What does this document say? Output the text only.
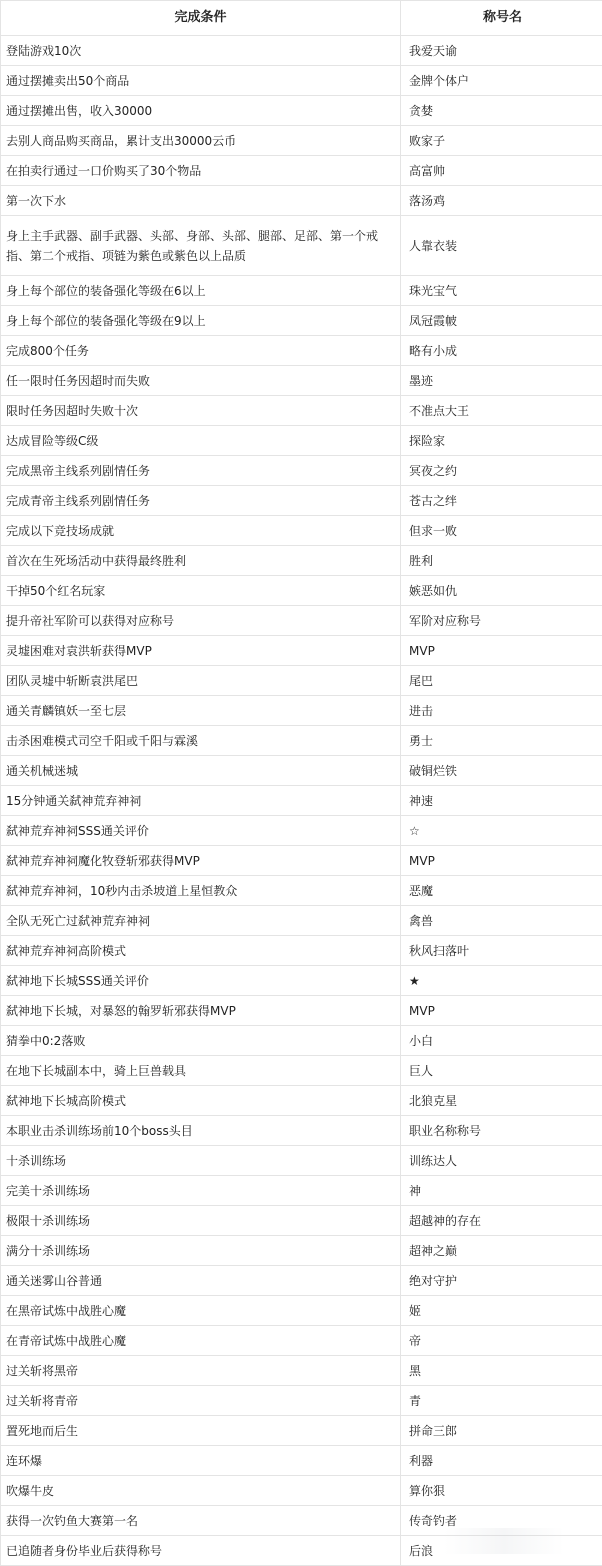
完成条件	称号名
登陆游戏10次	我爱天谕
通过摆摊卖出50个商品	金牌个体户
通过摆摊出售，收入30000	贪婪
去别人商品购买商品，累计支出30000云币	败家子
在拍卖行通过一口价购买了30个物品	高富帅
第一次下水	落汤鸡
身上主手武器、副手武器、头部、身部、头部、腿部、足部、第一个戒指、第二个戒指、项链为紫色或紫色以上品质	人靠衣装
身上每个部位的装备强化等级在6以上	珠光宝气
身上每个部位的装备强化等级在9以上	凤冠霞帔
完成800个任务	略有小成
任一限时任务因超时而失败	墨迹
限时任务因超时失败十次	不准点大王
达成冒险等级C级	探险家
完成黑帝主线系列剧情任务	冥夜之约
完成青帝主线系列剧情任务	苍古之绊
完成以下竞技场成就	但求一败
首次在生死场活动中获得最终胜利	胜利
干掉50个红名玩家	嫉恶如仇
提升帝社军阶可以获得对应称号	军阶对应称号
灵墟困难对袁洪斩获得MVP	MVP
团队灵墟中斩断袁洪尾巴	尾巴
通关青麟镇妖一至七层	进击
击杀困难模式司空千阳或千阳与霖溪	勇士
通关机械迷城	破铜烂铁
15分钟通关弑神荒弃神祠	神速
弑神荒弃神祠SSS通关评价	☆
弑神荒弃神祠魔化牧登斩邪获得MVP	MVP
弑神荒弃神祠，10秒内击杀坡道上星恒教众	恶魔
全队无死亡过弑神荒弃神祠	禽兽
弑神荒弃神祠高阶模式	秋风扫落叶
弑神地下长城SSS通关评价	★
弑神地下长城，对暴怒的翰罗斩邪获得MVP	MVP
猜拳中0:2落败	小白
在地下长城副本中，骑上巨兽载具	巨人
弑神地下长城高阶模式	北狼克星
本职业击杀训练场前10个boss头目	职业名称称号
十杀训练场	训练达人
完美十杀训练场	神
极限十杀训练场	超越神的存在
满分十杀训练场	超神之巅
通关迷雾山谷普通	绝对守护
在黑帝试炼中战胜心魔	姬
在青帝试炼中战胜心魔	帝
过关斩将黑帝	黑
过关斩将青帝	青
置死地而后生	拼命三郎
连环爆	利器
吹爆牛皮	算你狠
获得一次钓鱼大赛第一名	传奇钓者
已追随者身份毕业后获得称号	后浪
